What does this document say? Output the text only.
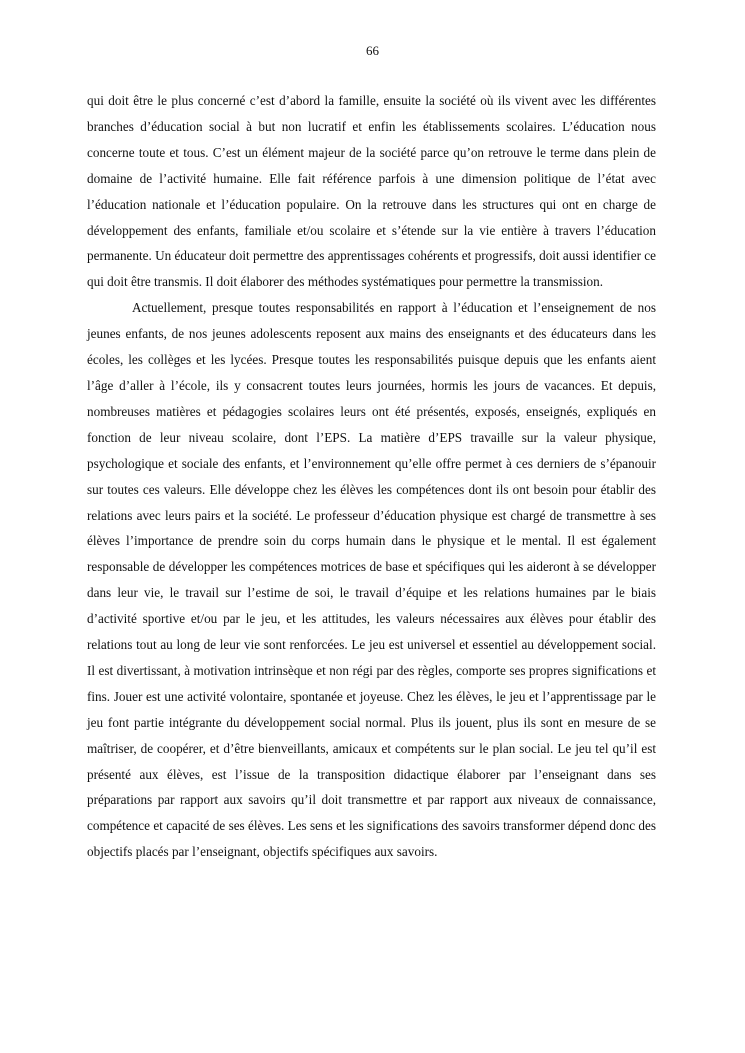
66

qui doit être le plus concerné c’est d’abord la famille, ensuite la société où ils vivent avec les différentes branches d’éducation social à but non lucratif et enfin les établissements scolaires. L’éducation nous concerne toute et tous. C’est un élément majeur de la société parce qu’on retrouve le terme dans plein de domaine de l’activité humaine. Elle fait référence parfois à une dimension politique de l’état avec l’éducation nationale et l’éducation populaire. On la retrouve dans les structures qui ont en charge de développement des enfants, familiale et/ou scolaire et s’étende sur la vie entière à travers l’éducation permanente. Un éducateur doit permettre des apprentissages cohérents et progressifs, doit aussi identifier ce qui doit être transmis. Il doit élaborer des méthodes systématiques pour permettre la transmission.

Actuellement, presque toutes responsabilités en rapport à l’éducation et l’enseignement de nos jeunes enfants, de nos jeunes adolescents reposent aux mains des enseignants et des éducateurs dans les écoles, les collèges et les lycées. Presque toutes les responsabilités puisque depuis que les enfants aient l’âge d’aller à l’école, ils y consacrent toutes leurs journées, hormis les jours de vacances. Et depuis, nombreuses matières et pédagogies scolaires leurs ont été présentés, exposés, enseignés, expliqués en fonction de leur niveau scolaire, dont l’EPS. La matière d’EPS travaille sur la valeur physique, psychologique et sociale des enfants, et l’environnement qu’elle offre permet à ces derniers de s’épanouir sur toutes ces valeurs. Elle développe chez les élèves les compétences dont ils ont besoin pour établir des relations avec leurs pairs et la société. Le professeur d’éducation physique est chargé de transmettre à ses élèves l’importance de prendre soin du corps humain dans le physique et le mental. Il est également responsable de développer les compétences motrices de base et spécifiques qui les aideront à se développer dans leur vie, le travail sur l’estime de soi, le travail d’équipe et les relations humaines par le biais d’activité sportive et/ou par le jeu, et les attitudes, les valeurs nécessaires aux élèves pour établir des relations tout au long de leur vie sont renforcées. Le jeu est universel et essentiel au développement social. Il est divertissant, à motivation intrinsèque et non régi par des règles, comporte ses propres significations et fins. Jouer est une activité volontaire, spontanée et joyeuse. Chez les élèves, le jeu et l’apprentissage par le jeu font partie intégrante du développement social normal. Plus ils jouent, plus ils sont en mesure de se maîtriser, de coopérer, et d’être bienveillants, amicaux et compétents sur le plan social. Le jeu tel qu’il est présenté aux élèves, est l’issue de la transposition didactique élaborer par l’enseignant dans ses préparations par rapport aux savoirs qu’il doit transmettre et par rapport aux niveaux de connaissance, compétence et capacité de ses élèves. Les sens et les significations des savoirs transformer dépend donc des objectifs placés par l’enseignant, objectifs spécifiques aux savoirs.
